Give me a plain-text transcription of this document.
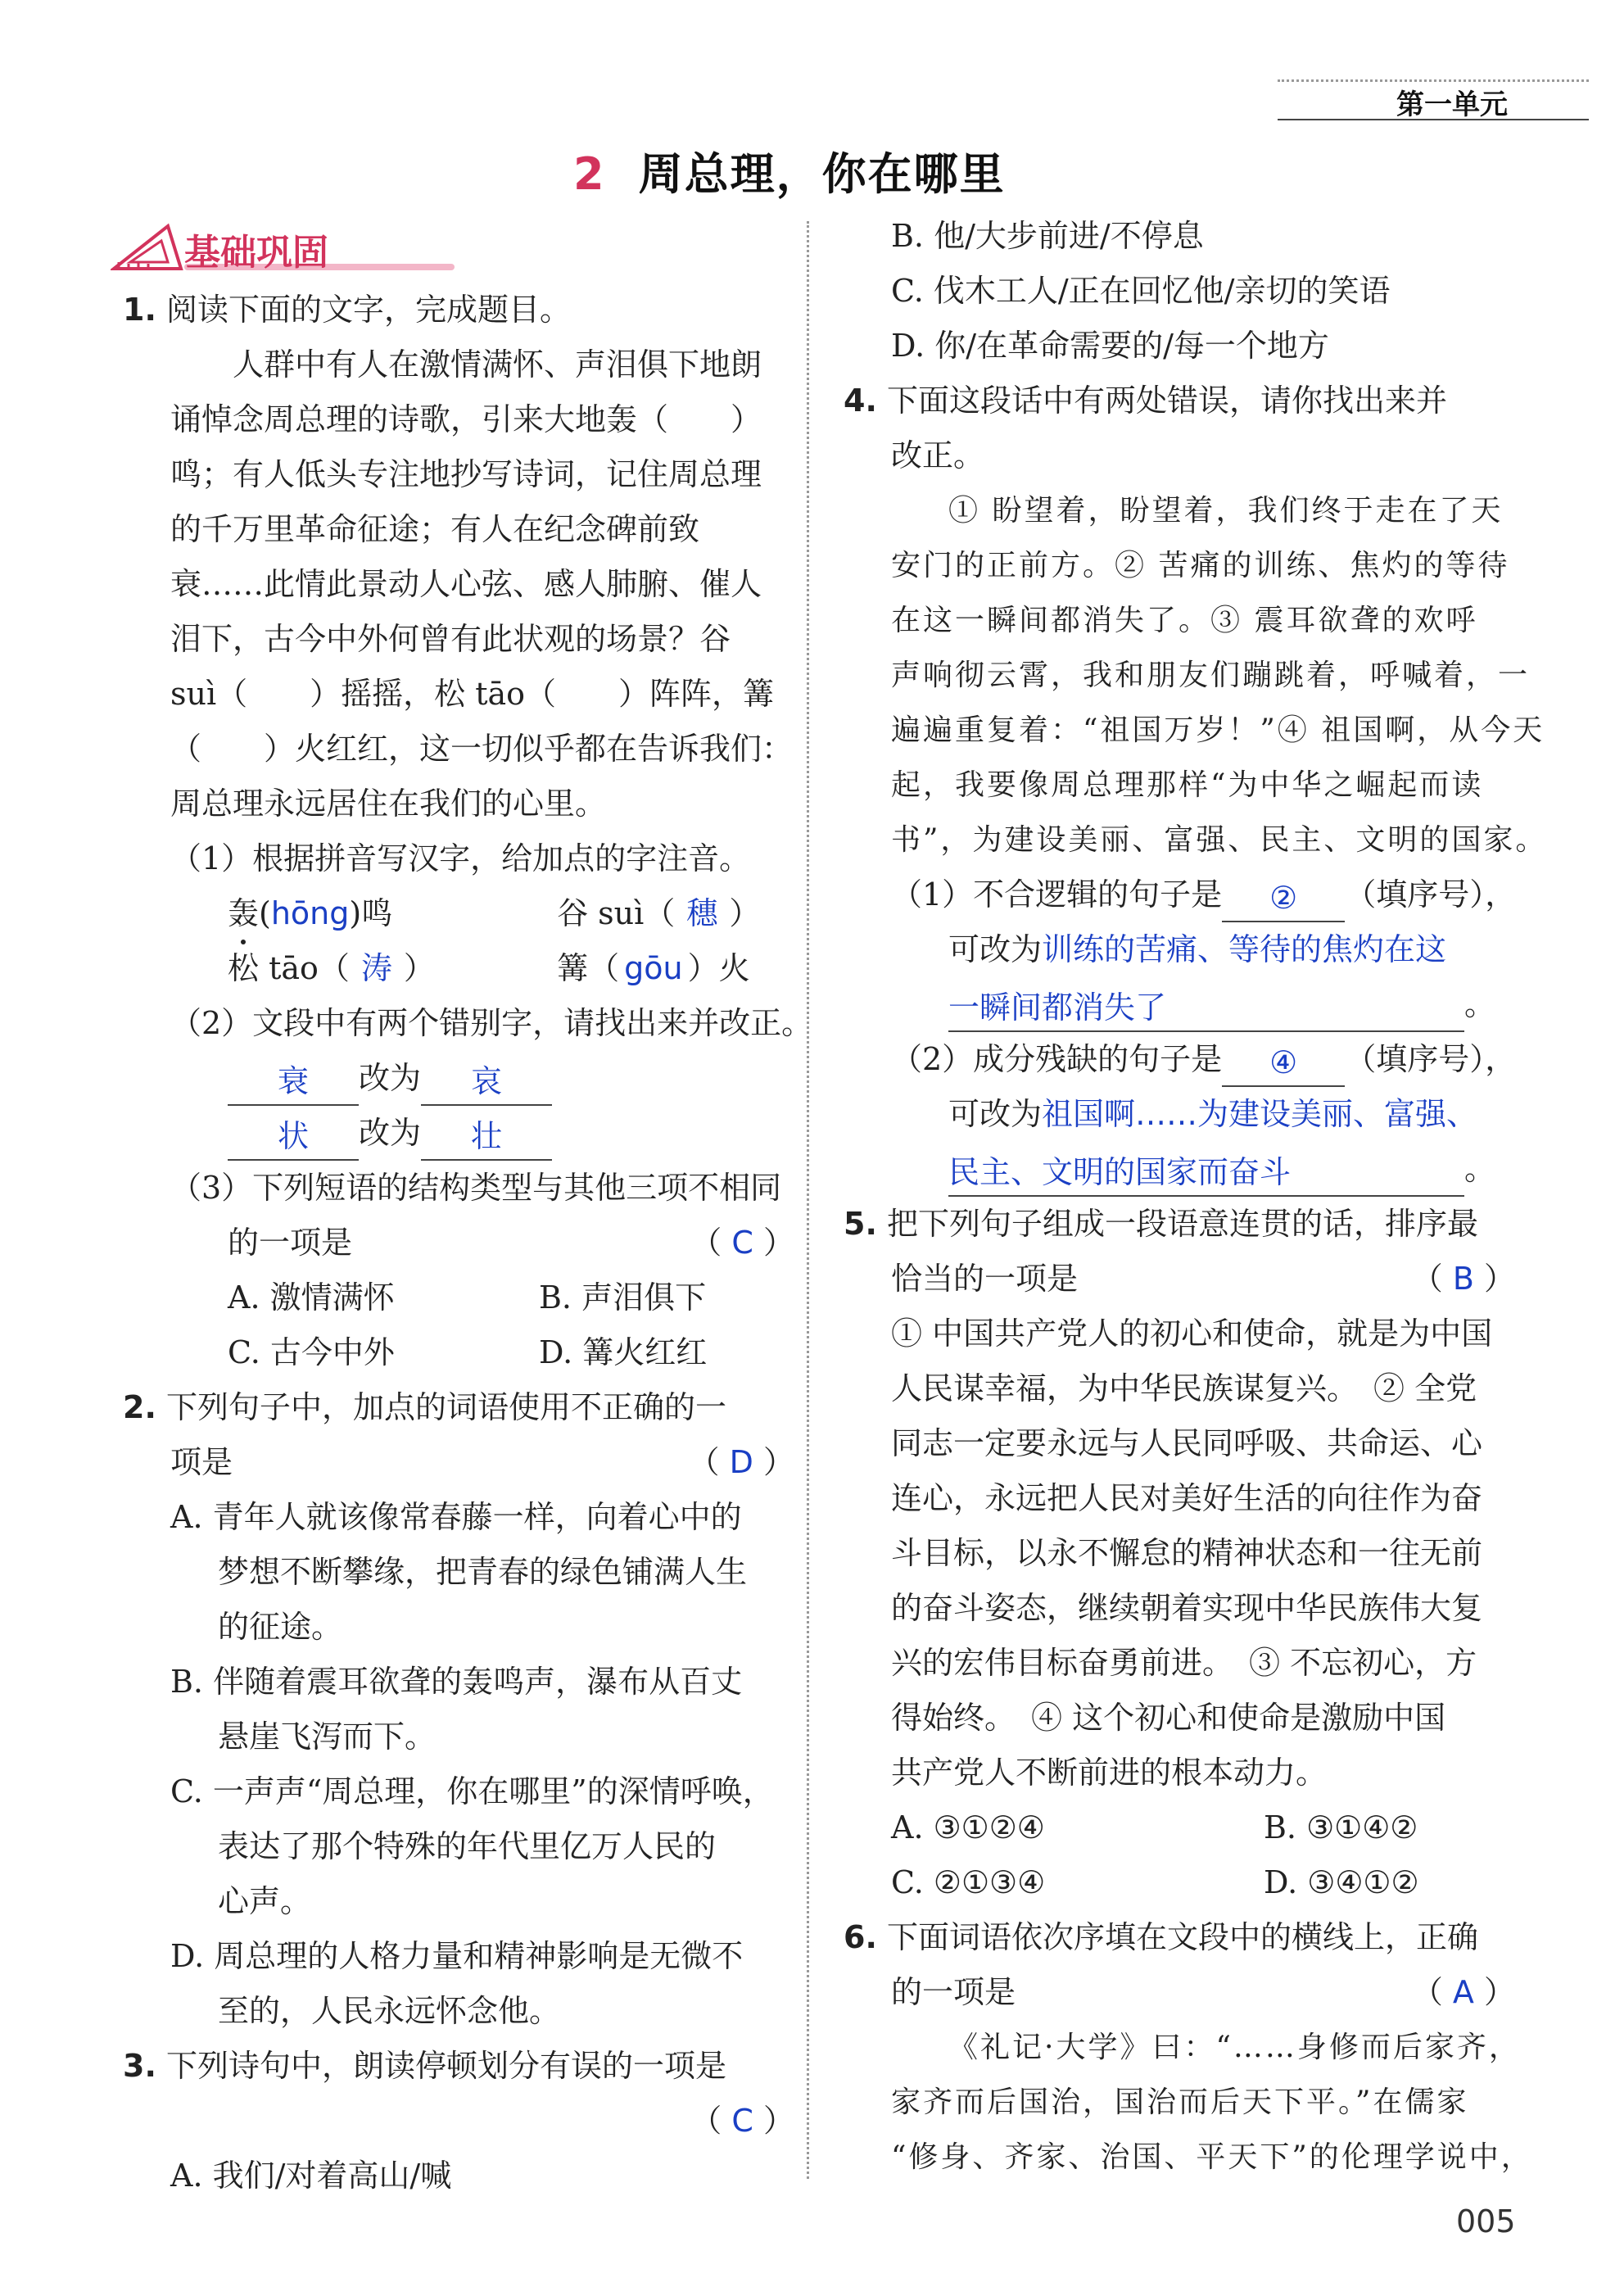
第一单元
2 周总理，你在哪里
基础巩固
1. 阅读下面的文字，完成题目。
人群中有人在激情满怀、声泪俱下地朗
诵悼念周总理的诗歌，引来大地轰（　　）
鸣；有人低头专注地抄写诗词，记住周总理
的千万里革命征途；有人在纪念碑前致
衰……此情此景动人心弦、感人肺腑、催人
泪下，古今中外何曾有此状观的场景？谷
suì（　　）摇摇，松 tāo（　　）阵阵，篝
（　　）火红红，这一切似乎都在告诉我们：
周总理永远居住在我们的心里。
（1）根据拼音写汉字，给加点的字注音。
轰(hōng)鸣	谷 suì（ 穗 ）
松 tāo（ 涛 ）	篝（ gōu ）火
（2）文段中有两个错别字，请找出来并改正。
衰 改为 哀
状 改为 壮
（3）下列短语的结构类型与其他三项不相同
的一项是	（ C ）
A. 激情满怀	B. 声泪俱下
C. 古今中外	D. 篝火红红
2. 下列句子中，加点的词语使用不正确的一
项是	（ D ）
A. 青年人就该像常春藤一样，向着心中的
梦想不断攀缘，把青春的绿色铺满人生
的征途。
B. 伴随着震耳欲聋的轰鸣声，瀑布从百丈
悬崖飞泻而下。
C. 一声声“周总理，你在哪里”的深情呼唤，
表达了那个特殊的年代里亿万人民的
心声。
D. 周总理的人格力量和精神影响是无微不
至的，人民永远怀念他。
3. 下列诗句中，朗读停顿划分有误的一项是
（ C ）
A. 我们/对着高山/喊
B. 他/大步前进/不停息
C. 伐木工人/正在回忆他/亲切的笑语
D. 你/在革命需要的/每一个地方
4. 下面这段话中有两处错误，请你找出来并
改正。
① 盼望着，盼望着，我们终于走在了天
安门的正前方。② 苦痛的训练、焦灼的等待
在这一瞬间都消失了。③ 震耳欲聋的欢呼
声响彻云霄，我和朋友们蹦跳着，呼喊着，一
遍遍重复着：“祖国万岁！”④ 祖国啊，从今天
起，我要像周总理那样“为中华之崛起而读
书”，为建设美丽、富强、民主、文明的国家。
（1）不合逻辑的句子是 ② （填序号），
可改为训练的苦痛、等待的焦灼在这
一瞬间都消失了	。
（2）成分残缺的句子是 ④ （填序号），
可改为祖国啊……为建设美丽、富强、
民主、文明的国家而奋斗	。
5. 把下列句子组成一段语意连贯的话，排序最
恰当的一项是	（ B ）
① 中国共产党人的初心和使命，就是为中国
人民谋幸福，为中华民族谋复兴。　② 全党
同志一定要永远与人民同呼吸、共命运、心
连心，永远把人民对美好生活的向往作为奋
斗目标，以永不懈怠的精神状态和一往无前
的奋斗姿态，继续朝着实现中华民族伟大复
兴的宏伟目标奋勇前进。　③ 不忘初心，方
得始终。　④ 这个初心和使命是激励中国
共产党人不断前进的根本动力。
A. ③①②④	B. ③①④②
C. ②①③④	D. ③④①②
6. 下面词语依次序填在文段中的横线上，正确
的一项是	（ A ）
《礼记·大学》曰：“……身修而后家齐，
家齐而后国治，国治而后天下平。”在儒家
“修身、齐家、治国、平天下”的伦理学说中，
005
